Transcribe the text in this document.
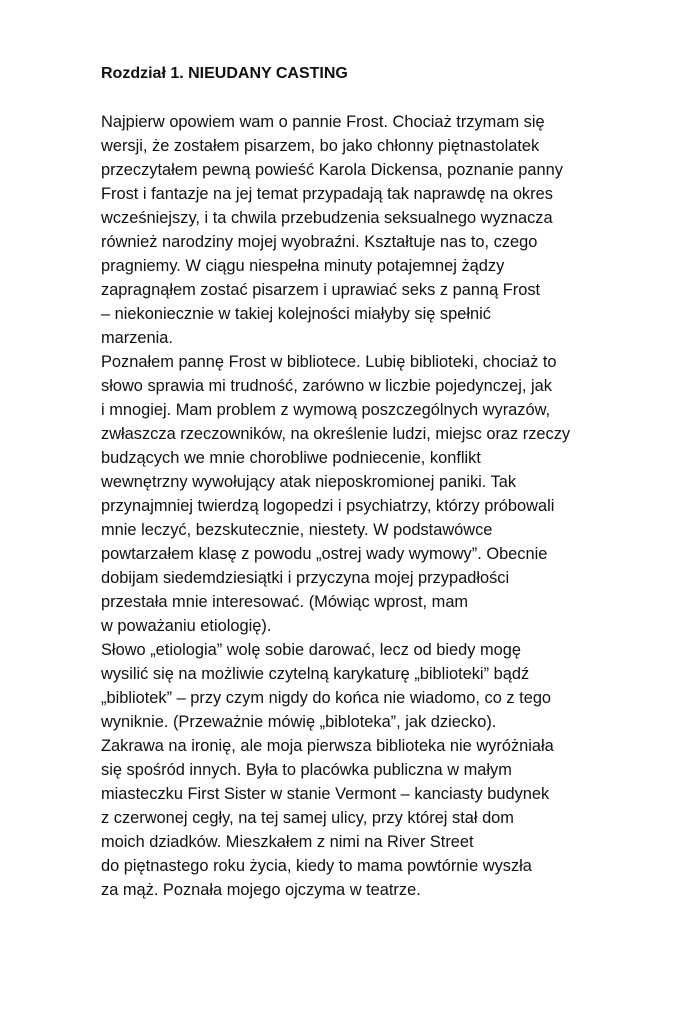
Rozdział 1. NIEUDANY CASTING
Najpierw opowiem wam o pannie Frost. Chociaż trzymam się
wersji, że zostałem pisarzem, bo jako chłonny piętnastolatek
przeczytałem pewną powieść Karola Dickensa, poznanie panny
Frost i fantazje na jej temat przypadają tak naprawdę na okres
wcześniejszy, i ta chwila przebudzenia seksualnego wyznacza
również narodziny mojej wyobraźni. Kształtuje nas to, czego
pragniemy. W ciągu niespełna minuty potajemnej żądzy
zapragnąłem zostać pisarzem i uprawiać seks z panną Frost
– niekoniecznie w takiej kolejności miałyby się spełnić
marzenia.
Poznałem pannę Frost w bibliotece. Lubię biblioteki, chociaż to
słowo sprawia mi trudność, zarówno w liczbie pojedynczej, jak
i mnogiej. Mam problem z wymową poszczególnych wyrazów,
zwłaszcza rzeczowników, na określenie ludzi, miejsc oraz rzeczy
budzących we mnie chorobliwe podniecenie, konflikt
wewnętrzny wywołujący atak nieposkromionej paniki. Tak
przynajmniej twierdzą logopedzi i psychiatrzy, którzy próbowali
mnie leczyć, bezskutecznie, niestety. W podstawówce
powtarzałem klasę z powodu „ostrej wady wymowy”. Obecnie
dobijam siedemdziesiątki i przyczyna mojej przypadłości
przestała mnie interesować. (Mówiąc wprost, mam
w poważaniu etiologię).
Słowo „etiologia” wolę sobie darować, lecz od biedy mogę
wysilić się na możliwie czytelną karykaturę „biblioteki” bądź
„bibliotek” – przy czym nigdy do końca nie wiadomo, co z tego
wyniknie. (Przeważnie mówię „bibloteka”, jak dziecko).
Zakrawa na ironię, ale moja pierwsza biblioteka nie wyróżniała
się spośród innych. Była to placówka publiczna w małym
miasteczku First Sister w stanie Vermont – kanciasty budynek
z czerwonej cegły, na tej samej ulicy, przy której stał dom
moich dziadków. Mieszkałem z nimi na River Street
do piętnastego roku życia, kiedy to mama powtórnie wyszła
za mąż. Poznała mojego ojczyma w teatrze.
